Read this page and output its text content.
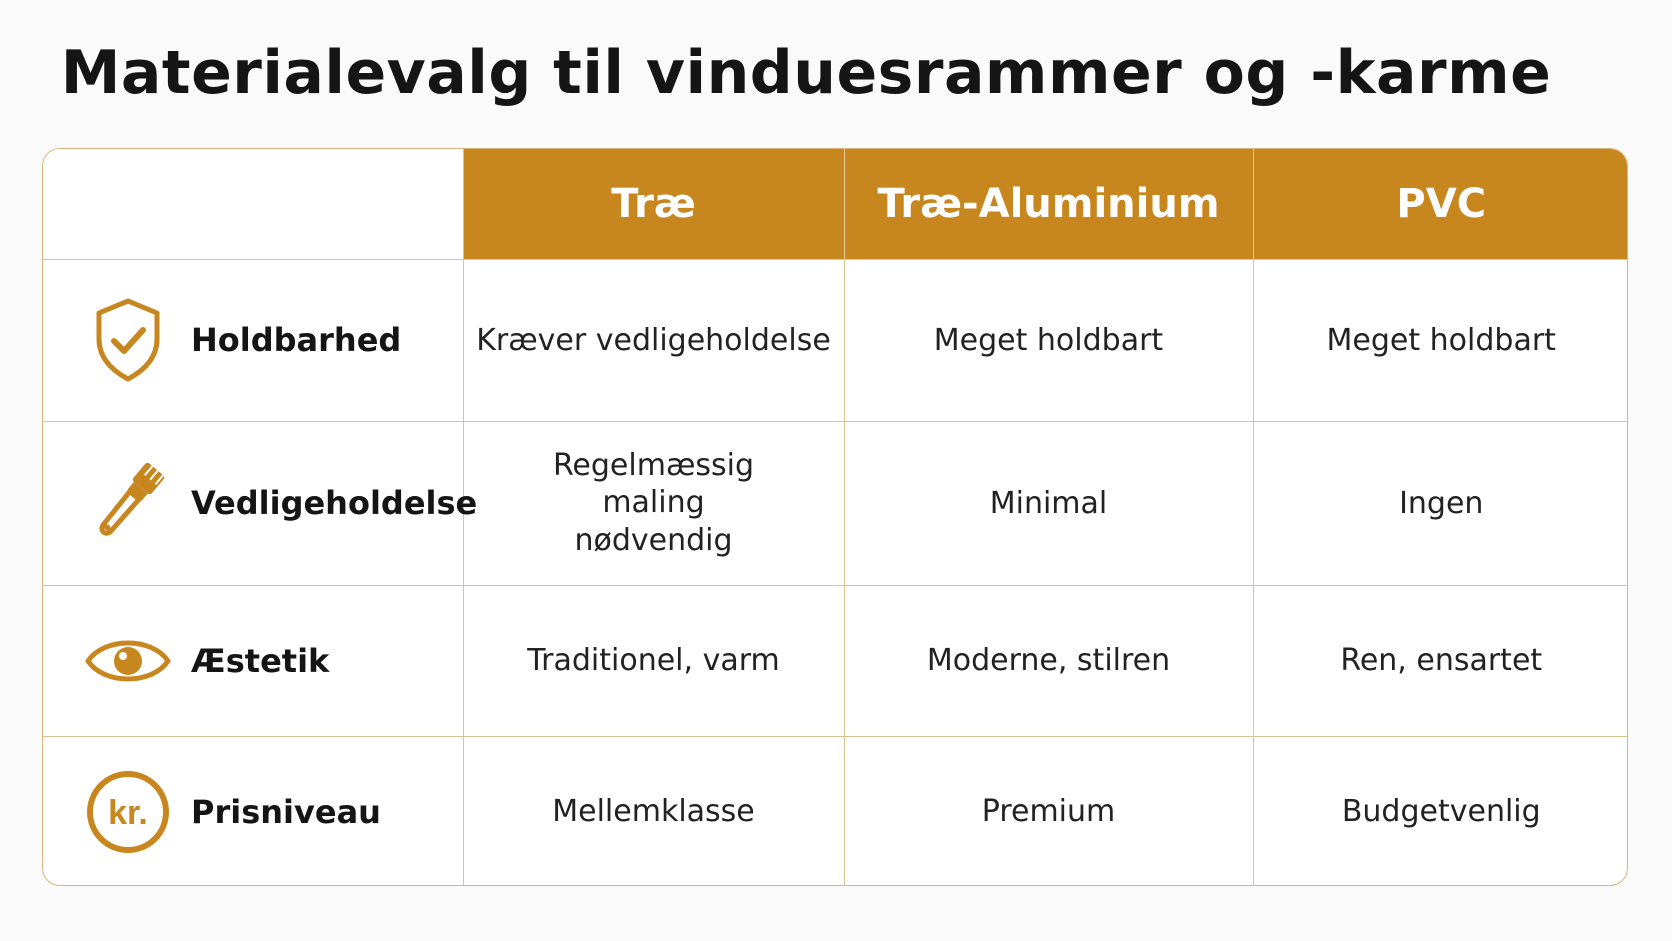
Materialevalg til vinduesrammer og -karme
	Træ	Træ-Aluminium	PVC

Holdbarhed	Kræver vedligeholdelse	Meget holdbart	Meget holdbart

Vedligeholdelse	Regelmæssig maling nødvendig	Minimal	Ingen

Æstetik	Traditionel, varm	Moderne, stilren	Ren, ensartet

kr. Prisniveau	Mellemklasse	Premium	Budgetvenlig
